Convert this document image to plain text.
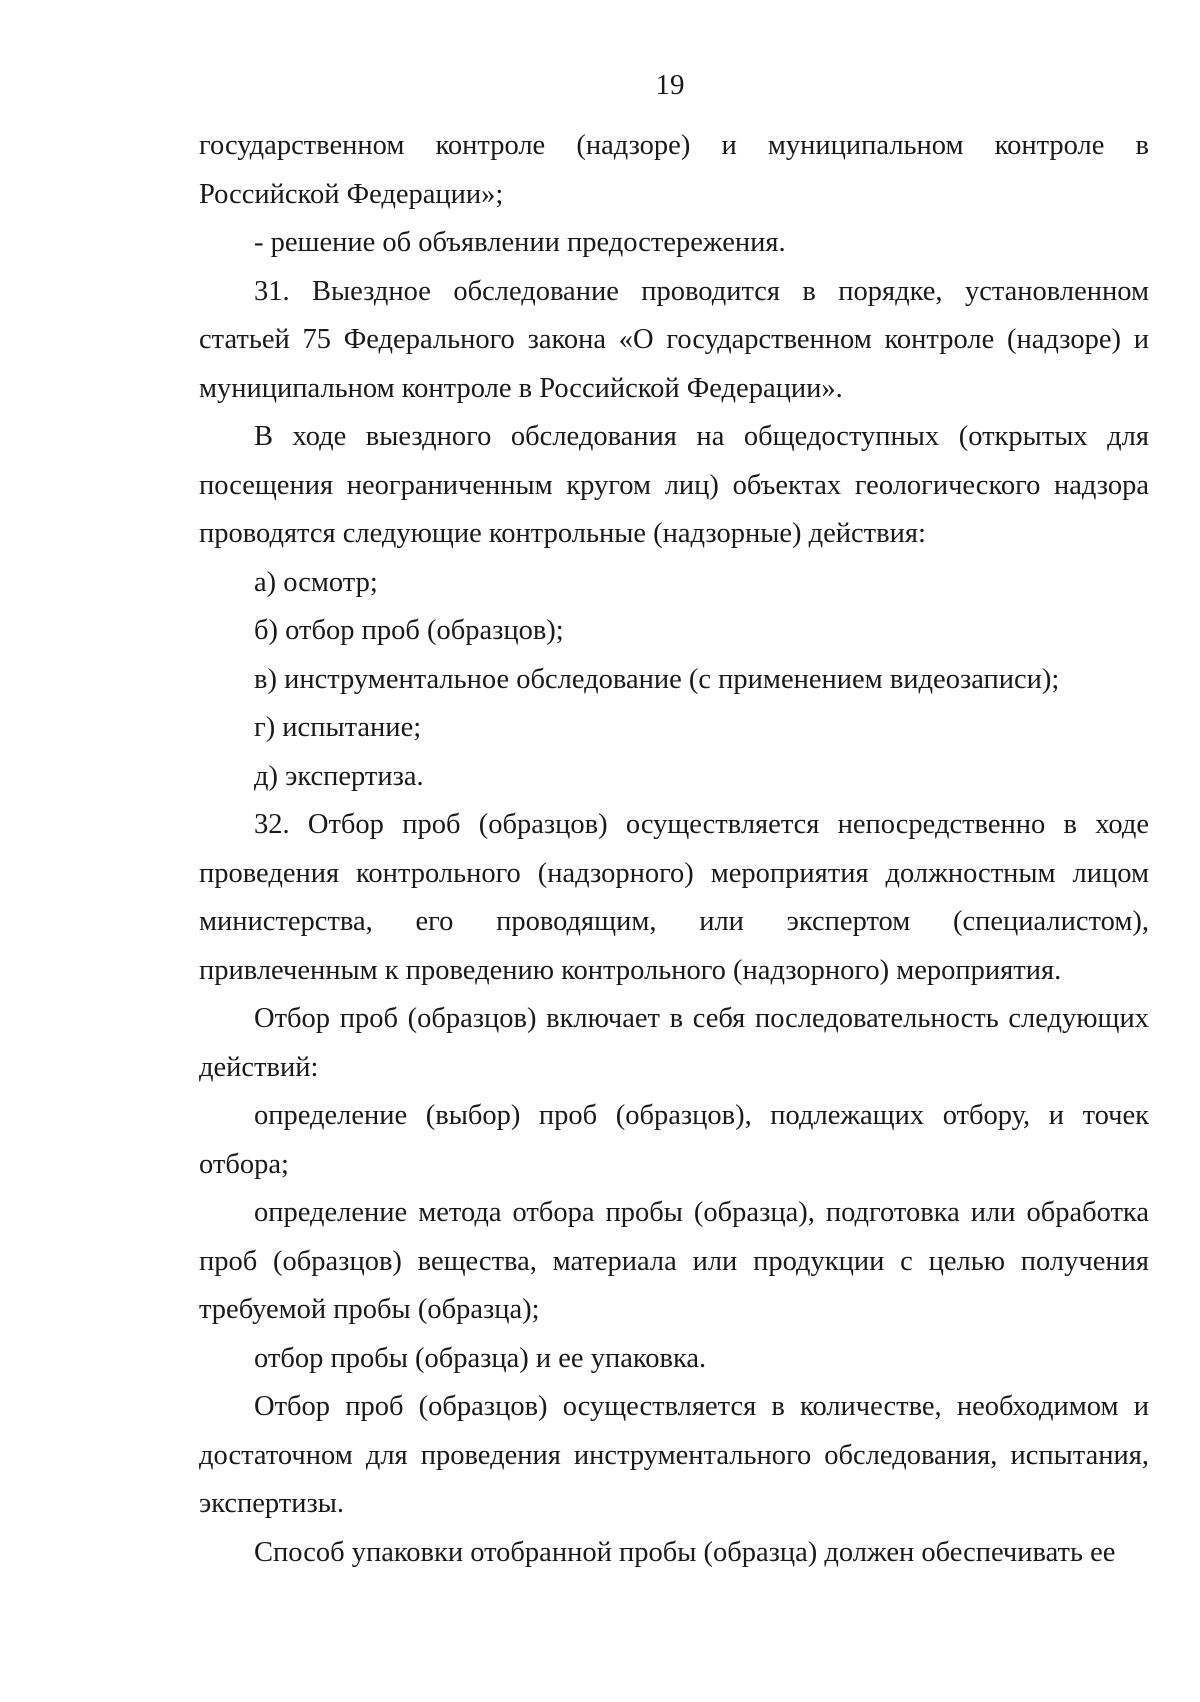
19

государственном контроле (надзоре) и муниципальном контроле в Российской Федерации»;

- решение об объявлении предостережения.

31. Выездное обследование проводится в порядке, установленном статьей 75 Федерального закона «О государственном контроле (надзоре) и муниципальном контроле в Российской Федерации».

В ходе выездного обследования на общедоступных (открытых для посещения неограниченным кругом лиц) объектах геологического надзора проводятся следующие контрольные (надзорные) действия:

а) осмотр;

б) отбор проб (образцов);

в) инструментальное обследование (с применением видеозаписи);

г) испытание;

д) экспертиза.

32. Отбор проб (образцов) осуществляется непосредственно в ходе проведения контрольного (надзорного) мероприятия должностным лицом министерства, его проводящим, или экспертом (специалистом), привлеченным к проведению контрольного (надзорного) мероприятия.

Отбор проб (образцов) включает в себя последовательность следующих действий:

определение (выбор) проб (образцов), подлежащих отбору, и точек отбора;

определение метода отбора пробы (образца), подготовка или обработка проб (образцов) вещества, материала или продукции с целью получения требуемой пробы (образца);

отбор пробы (образца) и ее упаковка.

Отбор проб (образцов) осуществляется в количестве, необходимом и достаточном для проведения инструментального обследования, испытания, экспертизы.

Способ упаковки отобранной пробы (образца) должен обеспечивать ее
